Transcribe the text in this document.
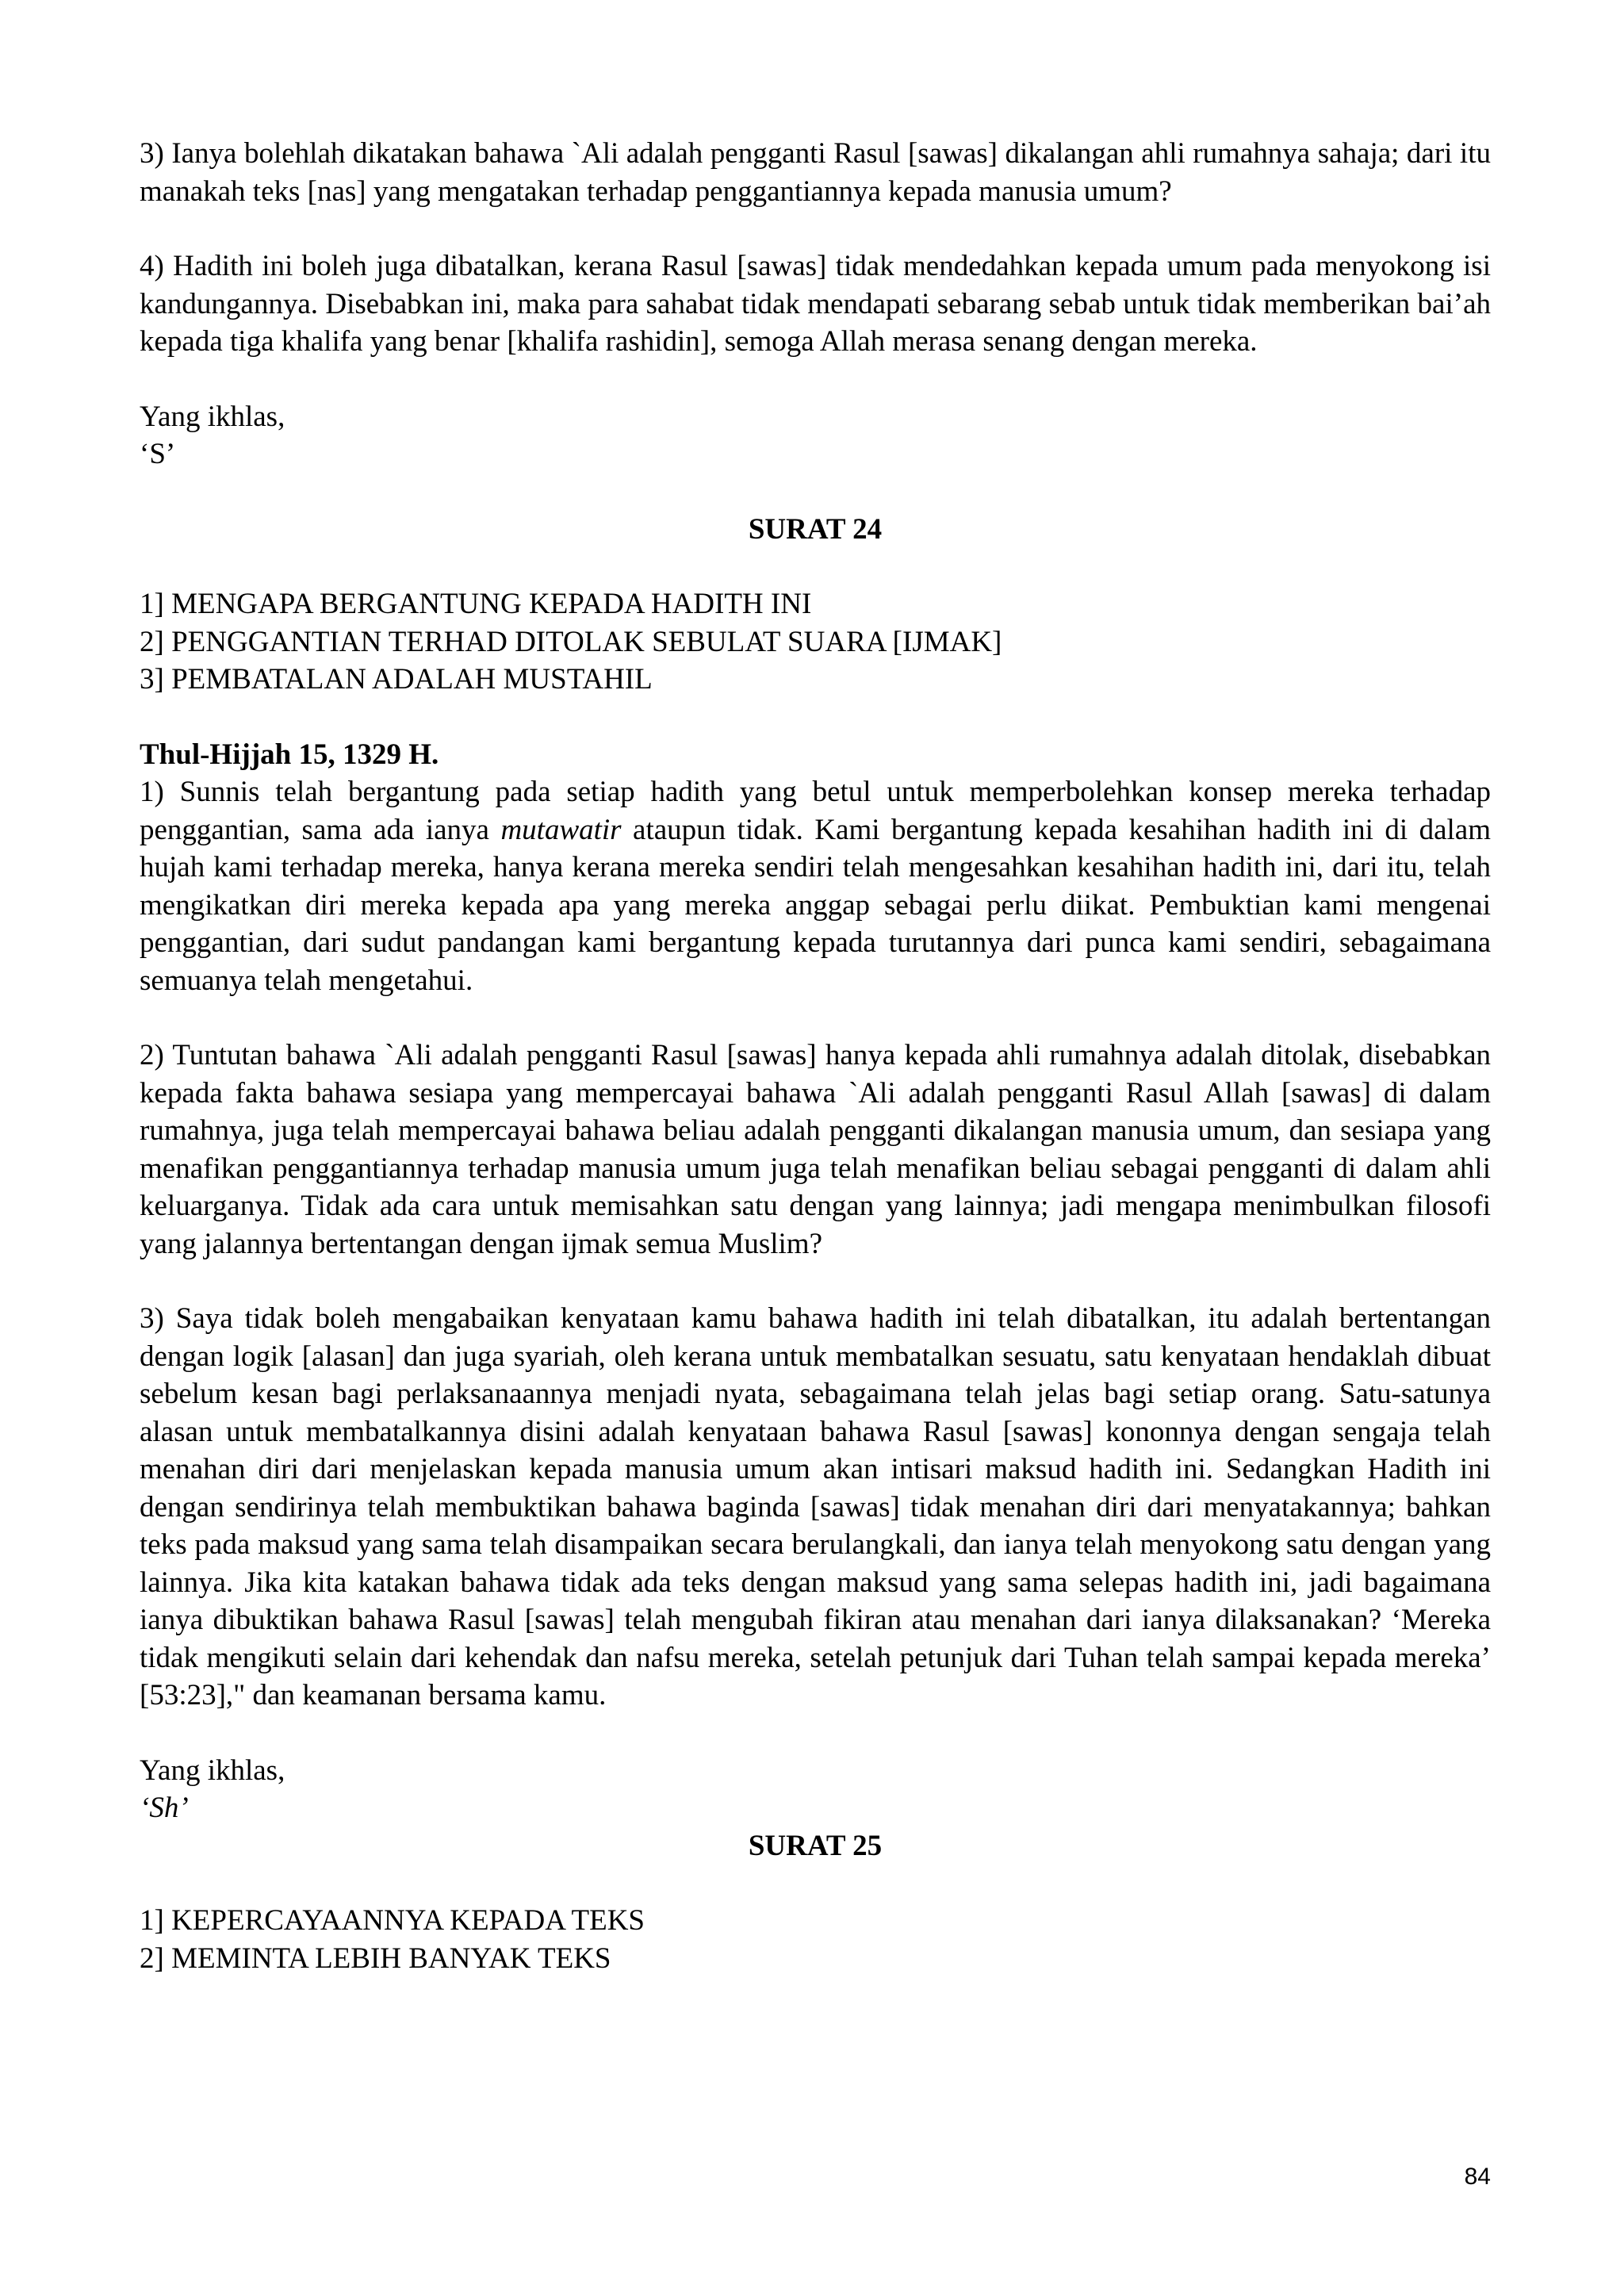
3) Ianya bolehlah dikatakan bahawa `Ali adalah pengganti Rasul [sawas] dikalangan ahli rumahnya sahaja; dari itu manakah teks [nas] yang mengatakan terhadap penggantiannya kepada manusia umum?

4) Hadith ini boleh juga dibatalkan, kerana Rasul [sawas] tidak mendedahkan kepada umum pada menyokong isi kandungannya. Disebabkan ini, maka para sahabat tidak mendapati sebarang sebab untuk tidak memberikan bai’ah kepada tiga khalifa yang benar [khalifa rashidin], semoga Allah merasa senang dengan mereka.

Yang ikhlas,

‘S’

SURAT 24

1] MENGAPA BERGANTUNG KEPADA HADITH INI

2] PENGGANTIAN TERHAD DITOLAK SEBULAT SUARA [IJMAK]

3] PEMBATALAN ADALAH MUSTAHIL

Thul-Hijjah 15, 1329 H.

1) Sunnis telah bergantung pada setiap hadith yang betul untuk memperbolehkan konsep mereka terhadap penggantian, sama ada ianya mutawatir ataupun tidak. Kami bergantung kepada kesahihan hadith ini di dalam hujah kami terhadap mereka, hanya kerana mereka sendiri telah mengesahkan kesahihan hadith ini, dari itu, telah mengikatkan diri mereka kepada apa yang mereka anggap sebagai perlu diikat. Pembuktian kami mengenai penggantian, dari sudut pandangan kami bergantung kepada turutannya dari punca kami sendiri, sebagaimana semuanya telah mengetahui.

2) Tuntutan bahawa `Ali adalah pengganti Rasul [sawas] hanya kepada ahli rumahnya adalah ditolak, disebabkan kepada fakta bahawa sesiapa yang mempercayai bahawa `Ali adalah pengganti Rasul Allah [sawas] di dalam rumahnya, juga telah mempercayai bahawa beliau adalah pengganti dikalangan manusia umum, dan sesiapa yang menafikan penggantiannya terhadap manusia umum juga telah menafikan beliau sebagai pengganti di dalam ahli keluarganya. Tidak ada cara untuk memisahkan satu dengan yang lainnya; jadi mengapa menimbulkan filosofi yang jalannya bertentangan dengan ijmak semua Muslim?

3) Saya tidak boleh mengabaikan kenyataan kamu bahawa hadith ini telah dibatalkan, itu adalah bertentangan dengan logik [alasan] dan juga syariah, oleh kerana untuk membatalkan sesuatu, satu kenyataan hendaklah dibuat sebelum kesan bagi perlaksanaannya menjadi nyata, sebagaimana telah jelas bagi setiap orang. Satu-satunya alasan untuk membatalkannya disini adalah kenyataan bahawa Rasul [sawas] kononnya dengan sengaja telah menahan diri dari menjelaskan kepada manusia umum akan intisari maksud hadith ini. Sedangkan Hadith ini dengan sendirinya telah membuktikan bahawa baginda [sawas] tidak menahan diri dari menyatakannya; bahkan teks pada maksud yang sama telah disampaikan secara berulangkali, dan ianya telah menyokong satu dengan yang lainnya. Jika kita katakan bahawa tidak ada teks dengan maksud yang sama selepas hadith ini, jadi bagaimana ianya dibuktikan bahawa Rasul [sawas] telah mengubah fikiran atau menahan dari ianya dilaksanakan? ‘Mereka tidak mengikuti selain dari kehendak dan nafsu mereka, setelah petunjuk dari Tuhan telah sampai kepada mereka’ [53:23]," dan keamanan bersama kamu.

Yang ikhlas,

‘Sh’

SURAT 25

1] KEPERCAYAANNYA KEPADA TEKS

2] MEMINTA LEBIH BANYAK TEKS

84
